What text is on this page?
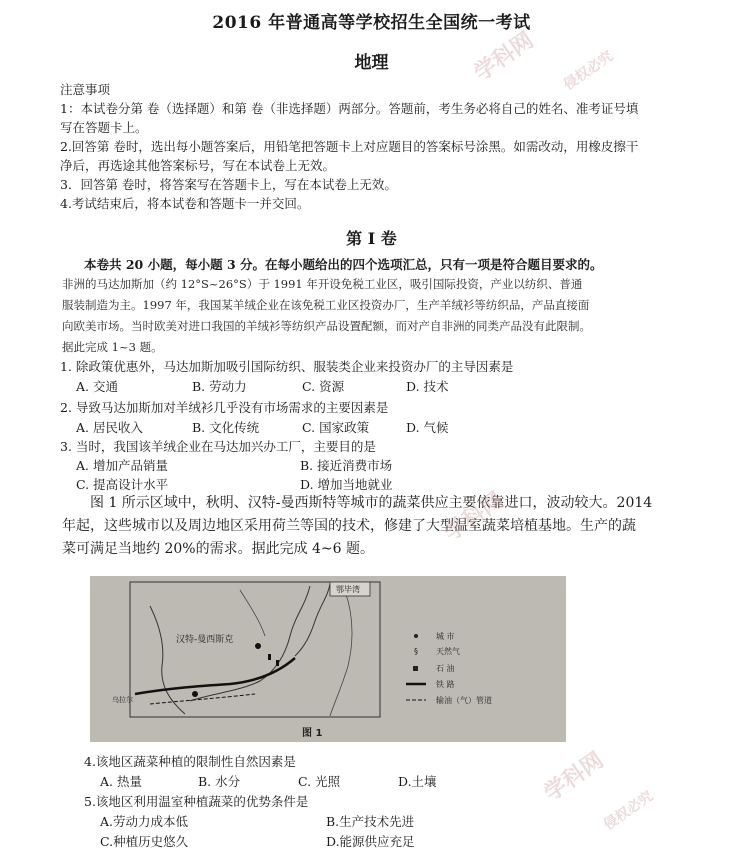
2016 年普通高等学校招生全国统一考试
地理
注意事项
1：本试卷分第 卷（选择题）和第 卷（非选择题）两部分。答题前，考生务必将自己的姓名、准考证号填
写在答题卡上。
2.回答第 卷时，选出每小题答案后，用铅笔把答题卡上对应题目的答案标号涂黑。如需改动，用橡皮擦干
净后，再选途其他答案标号，写在本试卷上无效。
3．回答第 卷时，将答案写在答题卡上，写在本试卷上无效。
4.考试结束后，将本试卷和答题卡一并交回。
第 I 卷
本卷共 20 小题，每小题 3 分。在每小题给出的四个选项汇总，只有一项是符合题目要求的。
非洲的马达加斯加（约 12°S~26°S）于 1991 年开设免税工业区，吸引国际投资，产业以纺织、普通
服装制造为主。1997 年，我国某羊绒企业在该免税工业区投资办厂，生产羊绒衫等纺织品，产品直接面
向欧美市场。当时欧美对进口我国的羊绒衫等纺织产品设置配额，而对产自非洲的同类产品没有此限制。
据此完成 1~3 题。
1. 除政策优惠外，马达加斯加吸引国际纺织、服装类企业来投资办厂的主导因素是
A. 交通	B. 劳动力	C. 资源	D. 技术
2. 导致马达加斯加对羊绒衫几乎没有市场需求的主要因素是
A. 居民收入	B. 文化传统	C. 国家政策	D. 气候
3. 当时，我国该羊绒企业在马达加兴办工厂，主要目的是
A. 增加产品销量	B. 接近消费市场
C. 提高设计水平	D. 增加当地就业
图 1 所示区域中，秋明、汉特-曼西斯特等城市的蔬菜供应主要依靠进口，波动较大。2014
年起，这些城市以及周边地区采用荷兰等国的技术，修建了大型温室蔬菜培植基地。生产的蔬
菜可满足当地约 20%的需求。据此完成 4~6 题。
§
汉特-曼西斯克
乌拉尔
鄂毕湾
城 市
天然气
石 油
铁 路
输油（气）管道
图 1
4.该地区蔬菜种植的限制性自然因素是
A. 热量	B. 水分	C. 光照	D.土壤
5.该地区利用温室种植蔬菜的优势条件是
A.劳动力成本低	B.生产技术先进
C.种植历史悠久	D.能源供应充足
学科网 侵权必究
学科网
学科网
侵权必究
